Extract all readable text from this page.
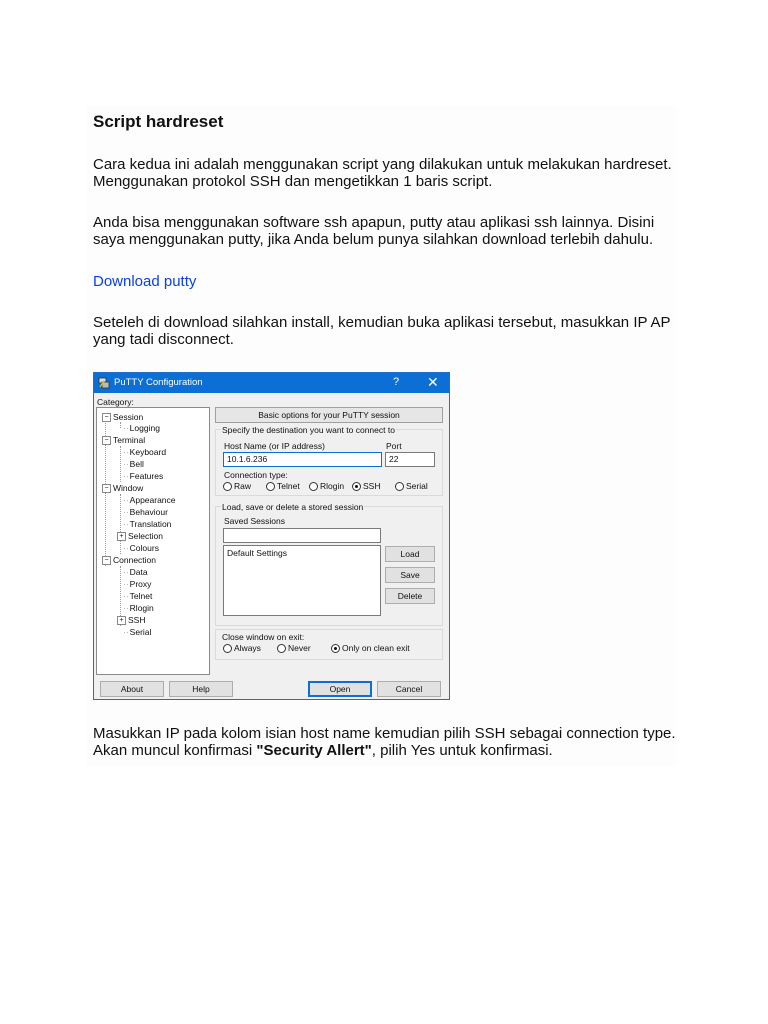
Script hardreset

Cara kedua ini adalah menggunakan script yang dilakukan untuk melakukan hardreset. Menggunakan protokol SSH dan mengetikkan 1 baris script.

Anda bisa menggunakan software ssh apapun, putty atau aplikasi ssh lainnya. Disini saya menggunakan putty, jika Anda belum punya silahkan download terlebih dahulu.

Download putty

Seteleh di download silahkan install, kemudian buka aplikasi tersebut, masukkan IP AP yang tadi disconnect.

Masukkan IP pada kolom isian host name kemudian pilih SSH sebagai connection type. Akan muncul konfirmasi "Security Allert", pilih Yes untuk konfirmasi.

PuTTY Configuration	? ✕
Category:
− Session
··Logging
− Terminal
··Keyboard
··Bell
··Features
− Window
··Appearance
··Behaviour
··Translation
+ Selection
··Colours
− Connection
··Data
··Proxy
··Telnet
··Rlogin
+ SSH
··Serial
Basic options for your PuTTY session
Specify the destination you want to connect to
Host Name (or IP address)	Port
10.1.6.236	22
Connection type:
Raw	Telnet	Rlogin	SSH	Serial
Load, save or delete a stored session
Saved Sessions
Default Settings	Load
Save
Delete
Close window on exit:
Always	Never	Only on clean exit
About	Help	Open	Cancel
